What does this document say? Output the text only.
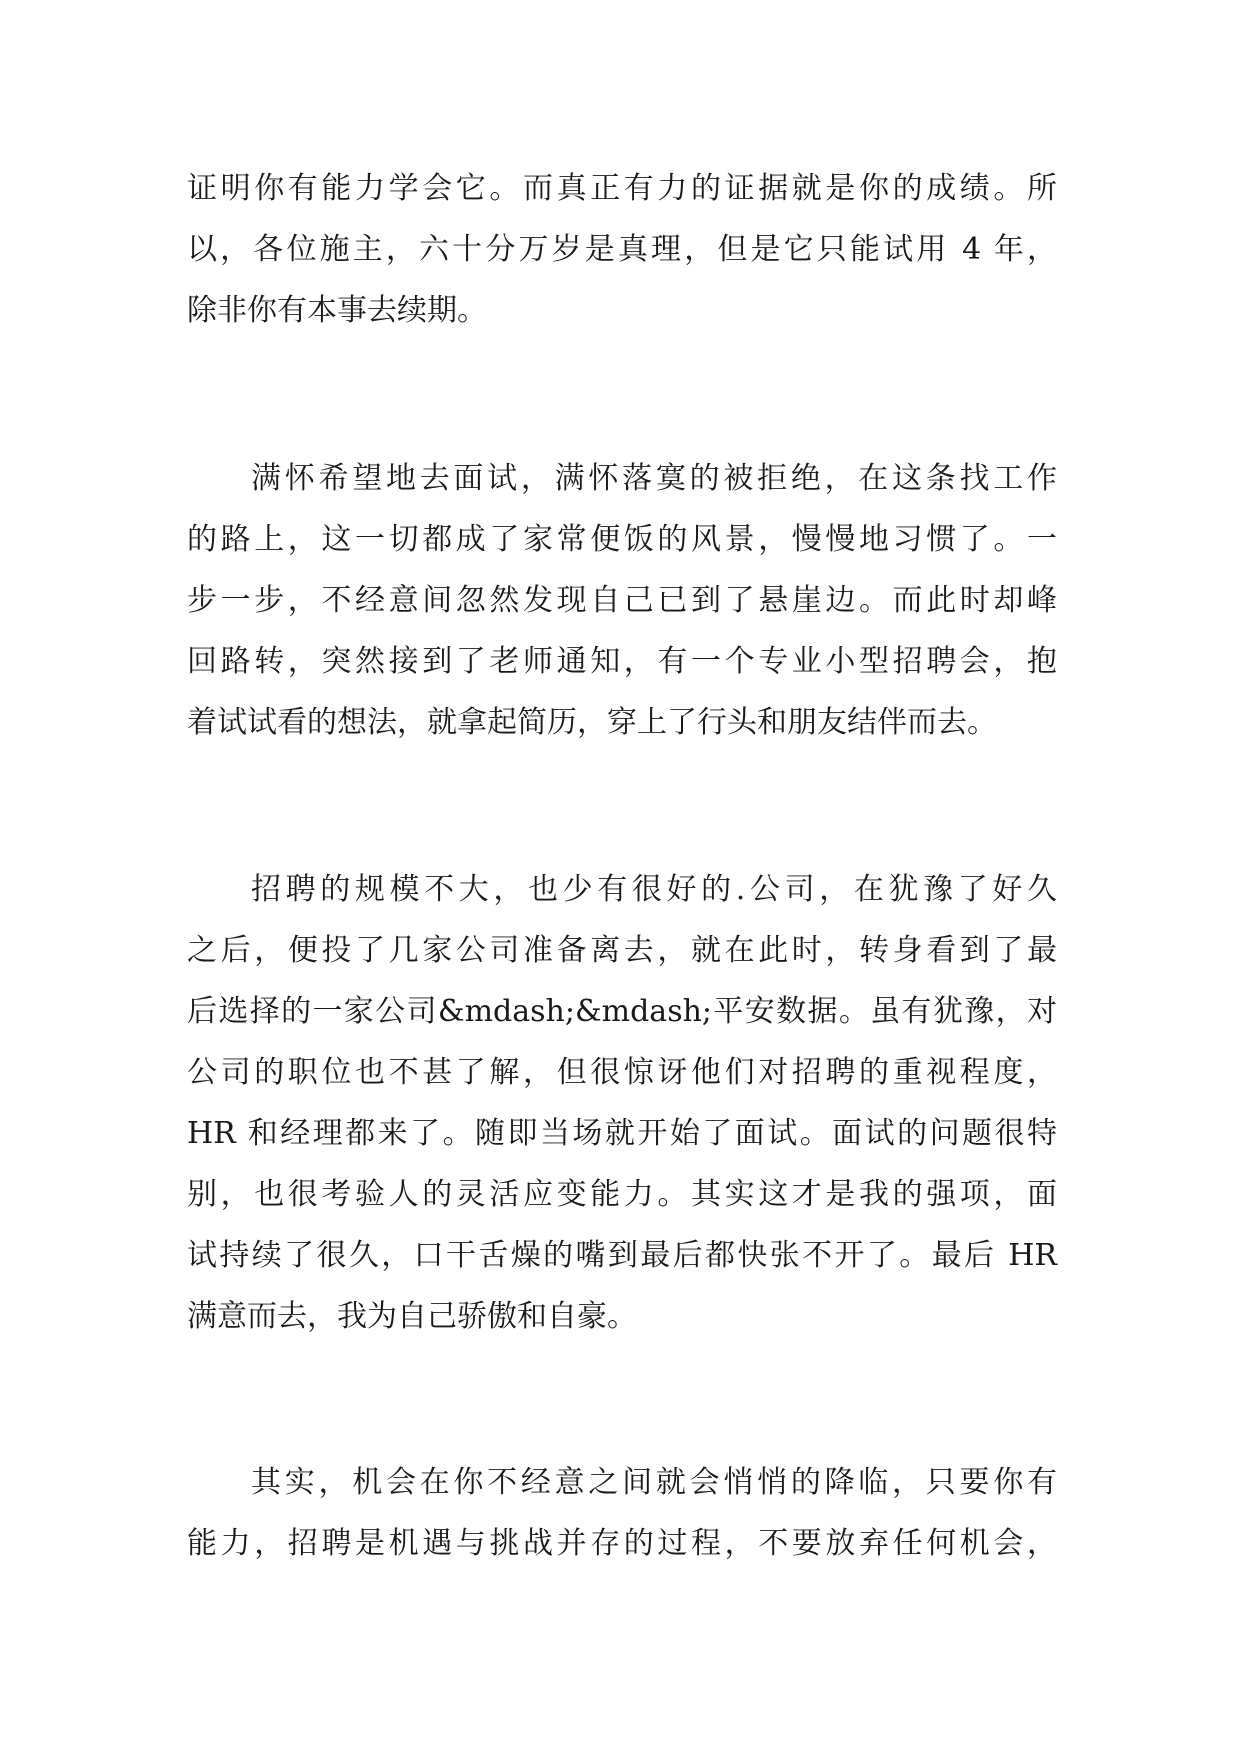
证明你有能力学会它。而真正有力的证据就是你的成绩。所
以，各位施主，六十分万岁是真理，但是它只能试用 4 年，
除非你有本事去续期。

满怀希望地去面试，满怀落寞的被拒绝，在这条找工作
的路上，这一切都成了家常便饭的风景，慢慢地习惯了。一
步一步，不经意间忽然发现自己已到了悬崖边。而此时却峰
回路转，突然接到了老师通知，有一个专业小型招聘会，抱
着试试看的想法，就拿起简历，穿上了行头和朋友结伴而去。

招聘的规模不大，也少有很好的.公司，在犹豫了好久
之后，便投了几家公司准备离去，就在此时，转身看到了最
后选择的一家公司&mdash;&mdash;平安数据。虽有犹豫，对
公司的职位也不甚了解，但很惊讶他们对招聘的重视程度，
HR 和经理都来了。随即当场就开始了面试。面试的问题很特
别，也很考验人的灵活应变能力。其实这才是我的强项，面
试持续了很久，口干舌燥的嘴到最后都快张不开了。最后 HR
满意而去，我为自己骄傲和自豪。

其实，机会在你不经意之间就会悄悄的降临，只要你有
能力，招聘是机遇与挑战并存的过程，不要放弃任何机会，
